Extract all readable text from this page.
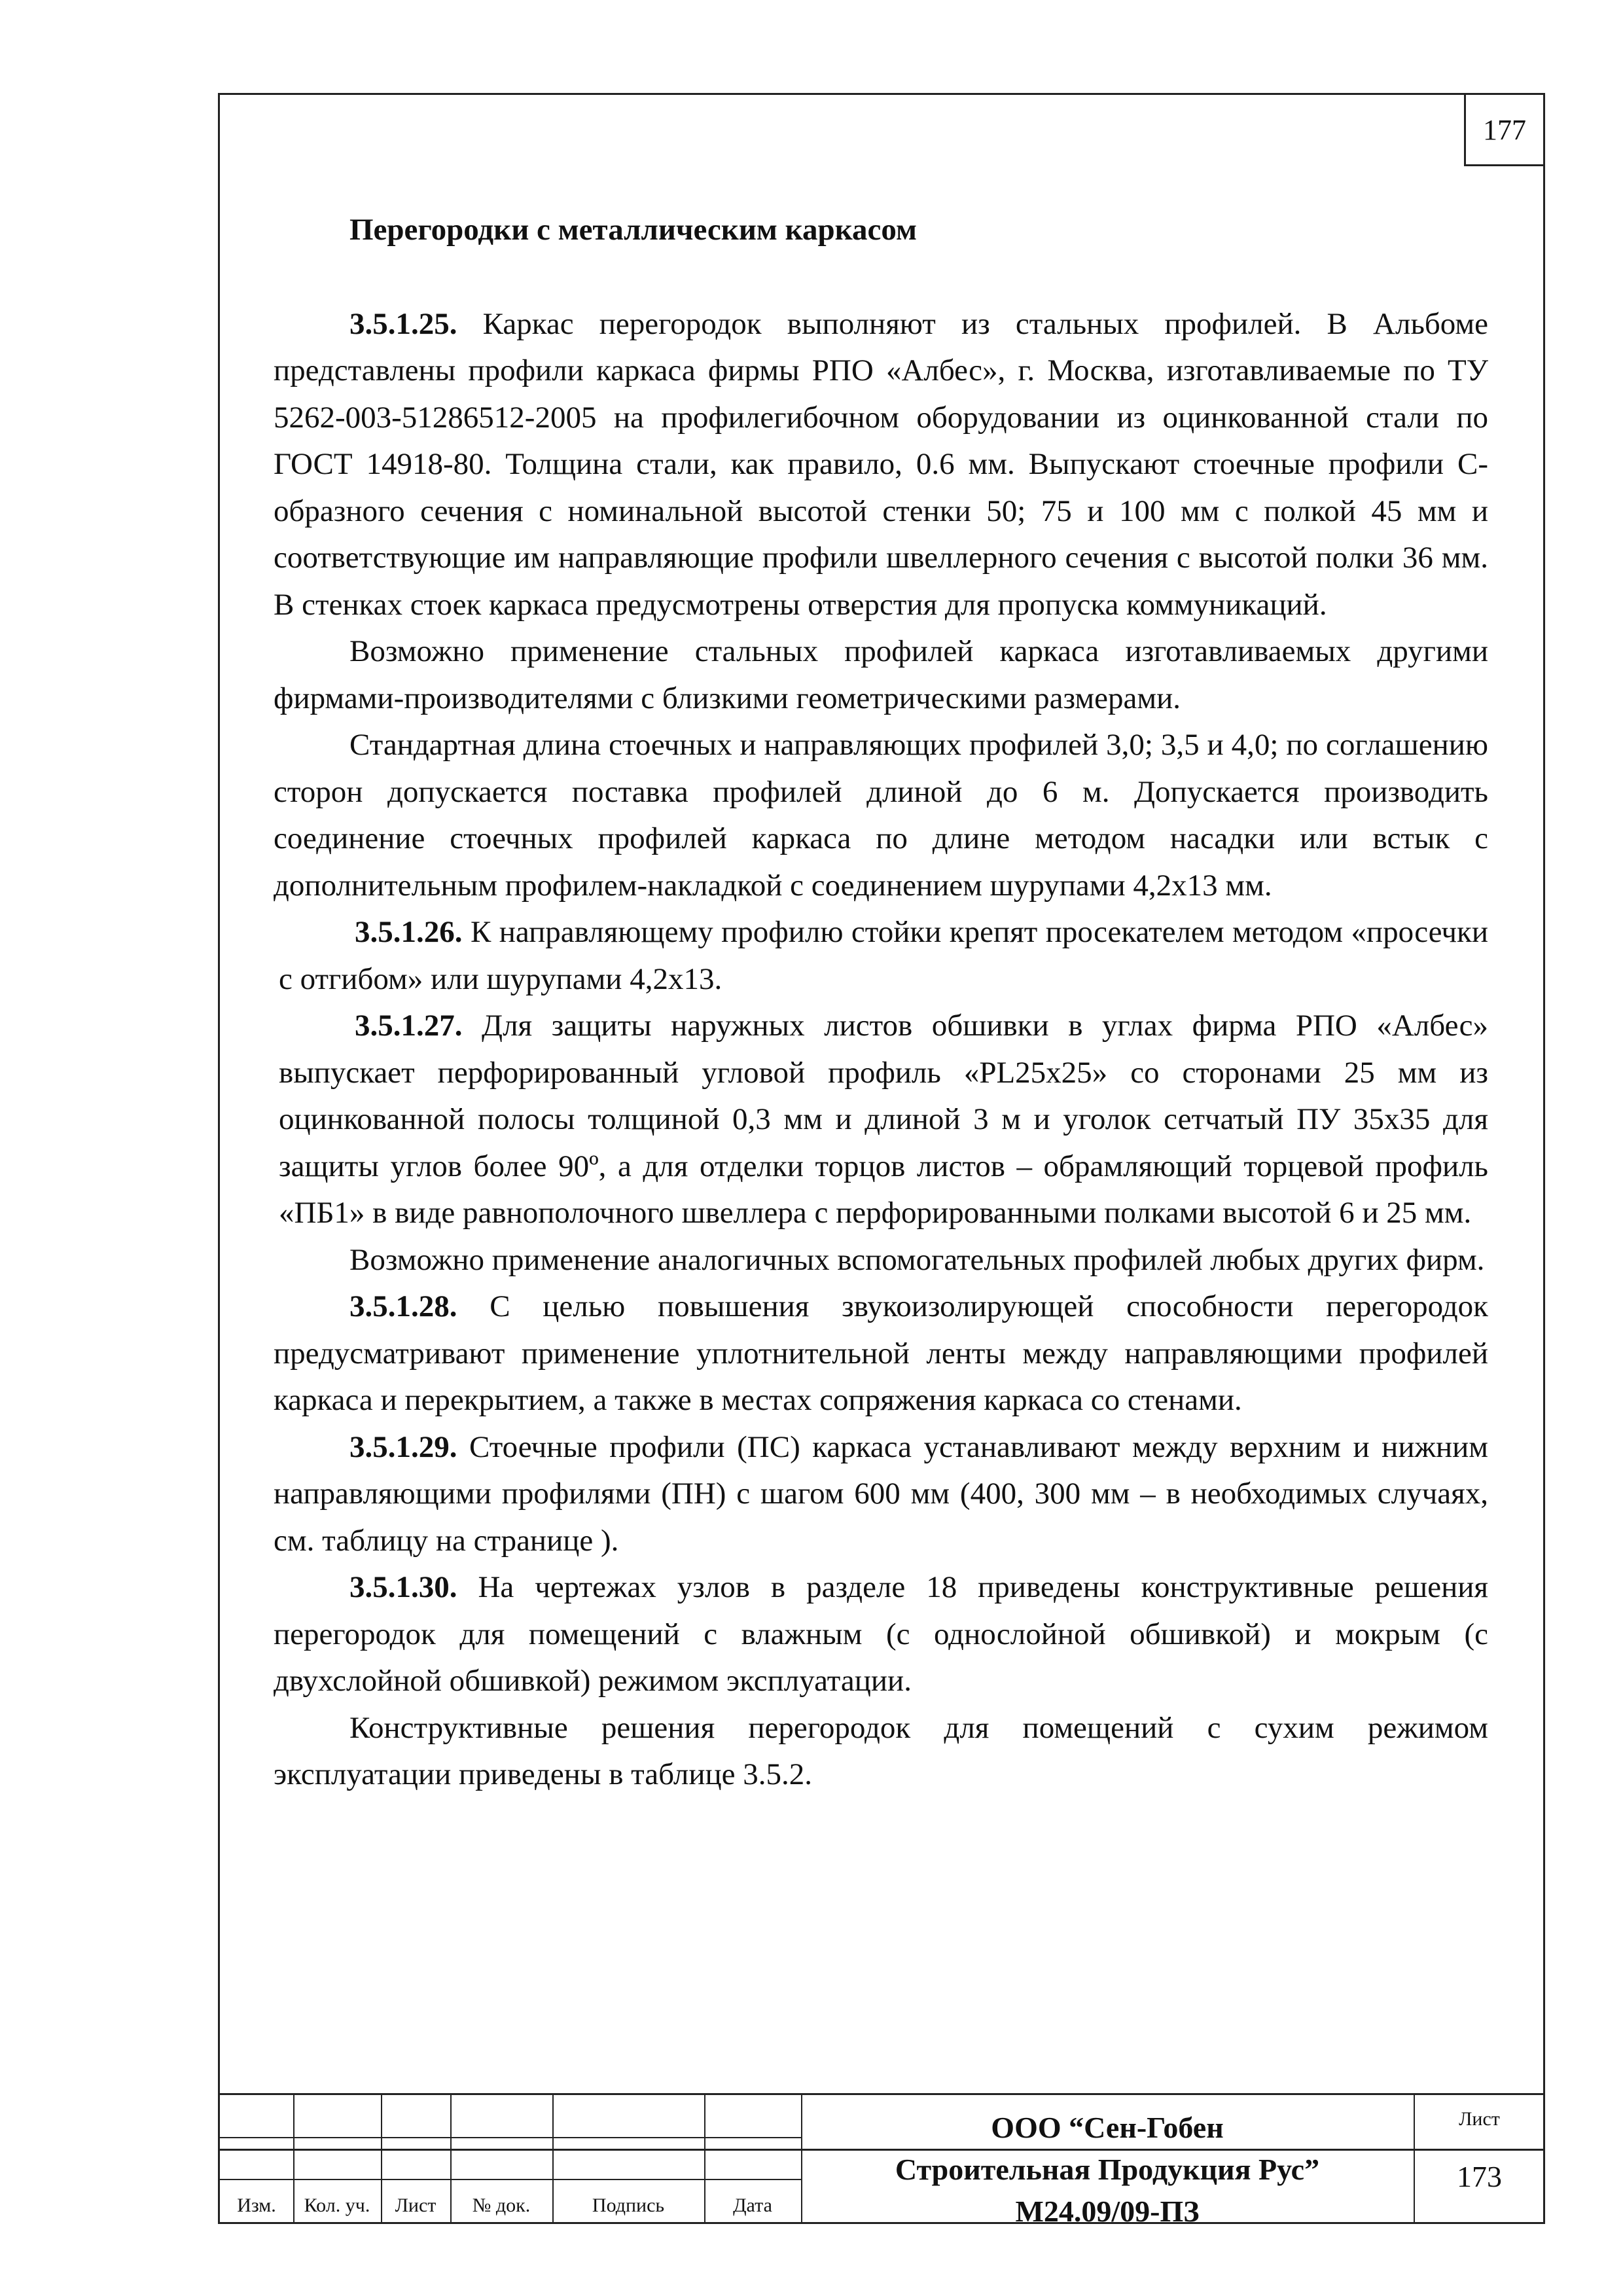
177
Перегородки с металлическим каркасом

3.5.1.25. Каркас перегородок выполняют из стальных профилей. В Альбоме представлены профили каркаса фирмы РПО «Албес», г. Москва, изготавливаемые по ТУ 5262-003-51286512-2005 на профилегибочном оборудовании из оцинкованной стали по ГОСТ 14918-80. Толщина стали, как правило, 0.6 мм. Выпускают стоечные профили С-образного сечения с номинальной высотой стенки 50; 75 и 100 мм с полкой 45 мм и соответствующие им направляющие профили швеллерного сечения с высотой полки 36 мм. В стенках стоек каркаса предусмотрены отверстия для пропуска коммуникаций.

Возможно применение стальных профилей каркаса изготавливаемых другими фирмами-производителями с близкими геометрическими размерами.

Стандартная длина стоечных и направляющих профилей 3,0; 3,5 и 4,0; по соглашению сторон допускается поставка профилей длиной до 6 м. Допускается производить соединение стоечных профилей каркаса по длине методом насадки или встык с дополнительным профилем-накладкой с соединением шурупами 4,2х13 мм.

3.5.1.26. К направляющему профилю стойки крепят просекателем методом «просечки с отгибом» или шурупами 4,2х13.

3.5.1.27. Для защиты наружных листов обшивки в углах фирма РПО «Албес» выпускает перфорированный угловой профиль «PL25x25» со сторонами 25 мм из оцинкованной полосы толщиной 0,3 мм и длиной 3 м и уголок сетчатый ПУ 35х35 для защиты углов более 90º, а для отделки торцов листов – обрамляющий торцевой профиль «ПБ1» в виде равнополочного швеллера с перфорированными полками высотой 6 и 25 мм.

Возможно применение аналогичных вспомогательных профилей любых других фирм.

3.5.1.28. С целью повышения звукоизолирующей способности перегородок предусматривают применение уплотнительной ленты между направляющими профилей каркаса и перекрытием, а также в местах сопряжения каркаса со стенами.

3.5.1.29. Стоечные профили (ПС) каркаса устанавливают между верхним и нижним направляющими профилями (ПН) с шагом 600 мм (400, 300 мм – в необходимых случаях, см. таблицу на странице ).

3.5.1.30. На чертежах узлов в разделе 18 приведены конструктивные решения перегородок для помещений с влажным (с однослойной обшивкой) и мокрым (с двухслойной обшивкой) режимом эксплуатации.

Конструктивные решения перегородок для помещений с сухим режимом эксплуатации приведены в таблице 3.5.2.

Изм.	Кол. уч.	Лист	№ док.	Подпись	Дата
ООО “Сен-Гобен
Строительная Продукция Рус”
М24.09/09-ПЗ
Лист
173
